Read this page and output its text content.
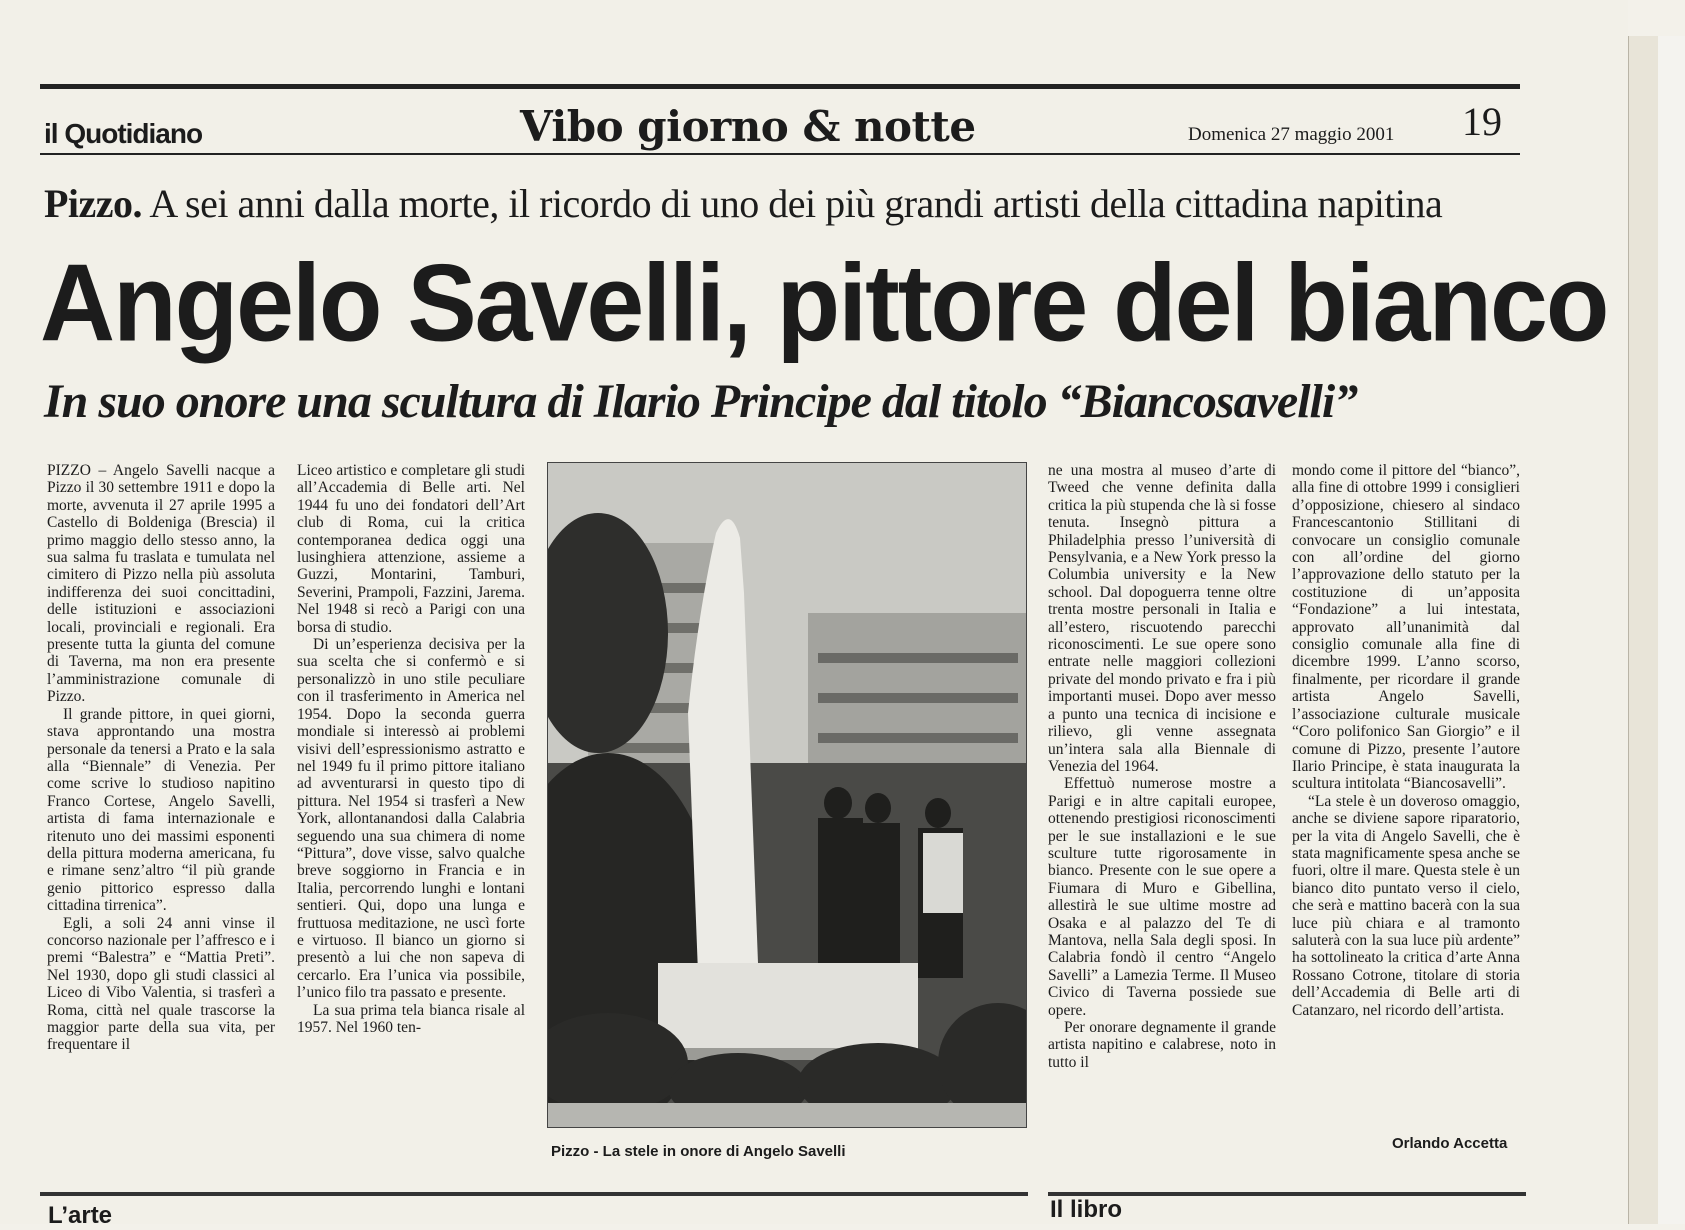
il Quotidiano	Vibo giorno & notte	Domenica 27 maggio 2001 19
Pizzo. A sei anni dalla morte, il ricordo di uno dei più grandi artisti della cittadina napitina
Angelo Savelli, pittore del bianco
In suo onore una scultura di Ilario Principe dal titolo “Biancosavelli”

PIZZO – Angelo Savelli nacque a Pizzo il 30 settembre 1911 e dopo la morte, avvenuta il 27 aprile 1995 a Castello di Boldeniga (Brescia) il primo maggio dello stesso anno, la sua salma fu traslata e tumulata nel cimitero di Pizzo nella più assoluta indifferenza dei suoi concittadini, delle istituzioni e associazioni locali, provinciali e regionali. Era presente tutta la giunta del comune di Taverna, ma non era presente l’amministrazione comunale di Pizzo.

Il grande pittore, in quei giorni, stava approntando una mostra personale da tenersi a Prato e la sala alla “Biennale” di Venezia. Per come scrive lo studioso napitino Franco Cortese, Angelo Savelli, artista di fama internazionale e ritenuto uno dei massimi esponenti della pittura moderna americana, fu e rimane senz’altro “il più grande genio pittorico espresso dalla cittadina tirrenica”.

Egli, a soli 24 anni vinse il concorso nazionale per l’affresco e i premi “Balestra” e “Mattia Preti”. Nel 1930, dopo gli studi classici al Liceo di Vibo Valentia, si trasferì a Roma, città nel quale trascorse la maggior parte della sua vita, per frequentare il

Liceo artistico e completare gli studi all’Accademia di Belle arti. Nel 1944 fu uno dei fondatori dell’Art club di Roma, cui la critica contemporanea dedica oggi una lusinghiera attenzione, assieme a Guzzi, Montarini, Tamburi, Severini, Prampoli, Fazzini, Jarema. Nel 1948 si recò a Parigi con una borsa di studio.

Di un’esperienza decisiva per la sua scelta che si confermò e si personalizzò in uno stile peculiare con il trasferimento in America nel 1954. Dopo la seconda guerra mondiale si interessò ai problemi visivi dell’espressionismo astratto e nel 1949 fu il primo pittore italiano ad avventurarsi in questo tipo di pittura. Nel 1954 si trasferì a New York, allontanandosi dalla Calabria seguendo una sua chimera di nome “Pittura”, dove visse, salvo qualche breve soggiorno in Francia e in Italia, percorrendo lunghi e lontani sentieri. Qui, dopo una lunga e fruttuosa meditazione, ne uscì forte e virtuoso. Il bianco un giorno si presentò a lui che non sapeva di cercarlo. Era l’unica via possibile, l’unico filo tra passato e presente.

La sua prima tela bianca risale al 1957. Nel 1960 ten-

Pizzo - La stele in onore di Angelo Savelli

ne una mostra al museo d’arte di Tweed che venne definita dalla critica la più stupenda che là si fosse tenuta. Insegnò pittura a Philadelphia presso l’università di Pensylvania, e a New York presso la Columbia university e la New school. Dal dopoguerra tenne oltre trenta mostre personali in Italia e all’estero, riscuotendo parecchi riconoscimenti. Le sue opere sono entrate nelle maggiori collezioni private del mondo privato e fra i più importanti musei. Dopo aver messo a punto una tecnica di incisione e rilievo, gli venne assegnata un’intera sala alla Biennale di Venezia del 1964.

Effettuò numerose mostre a Parigi e in altre capitali europee, ottenendo prestigiosi riconoscimenti per le sue installazioni e le sue sculture tutte rigorosamente in bianco. Presente con le sue opere a Fiumara di Muro e Gibellina, allestirà le sue ultime mostre ad Osaka e al palazzo del Te di Mantova, nella Sala degli sposi. In Calabria fondò il centro “Angelo Savelli” a Lamezia Terme. Il Museo Civico di Taverna possiede sue opere.

Per onorare degnamente il grande artista napitino e calabrese, noto in tutto il

mondo come il pittore del “bianco”, alla fine di ottobre 1999 i consiglieri d’opposizione, chiesero al sindaco Francescantonio Stillitani di convocare un consiglio comunale con all’ordine del giorno l’approvazione dello statuto per la costituzione di un’apposita “Fondazione” a lui intestata, approvato all’unanimità dal consiglio comunale alla fine di dicembre 1999. L’anno scorso, finalmente, per ricordare il grande artista Angelo Savelli, l’associazione culturale musicale “Coro polifonico San Giorgio” e il comune di Pizzo, presente l’autore Ilario Principe, è stata inaugurata la scultura intitolata “Biancosavelli”.

“La stele è un doveroso omaggio, anche se diviene sapore riparatorio, per la vita di Angelo Savelli, che è stata magnificamente spesa anche se fuori, oltre il mare. Questa stele è un bianco dito puntato verso il cielo, che serà e mattino bacerà con la sua luce più chiara e al tramonto saluterà con la sua luce più ardente” ha sottolineato la critica d’arte Anna Rossano Cotrone, titolare di storia dell’Accademia di Belle arti di Catanzaro, nel ricordo dell’artista.

Orlando Accetta
L’arte	Il libro
